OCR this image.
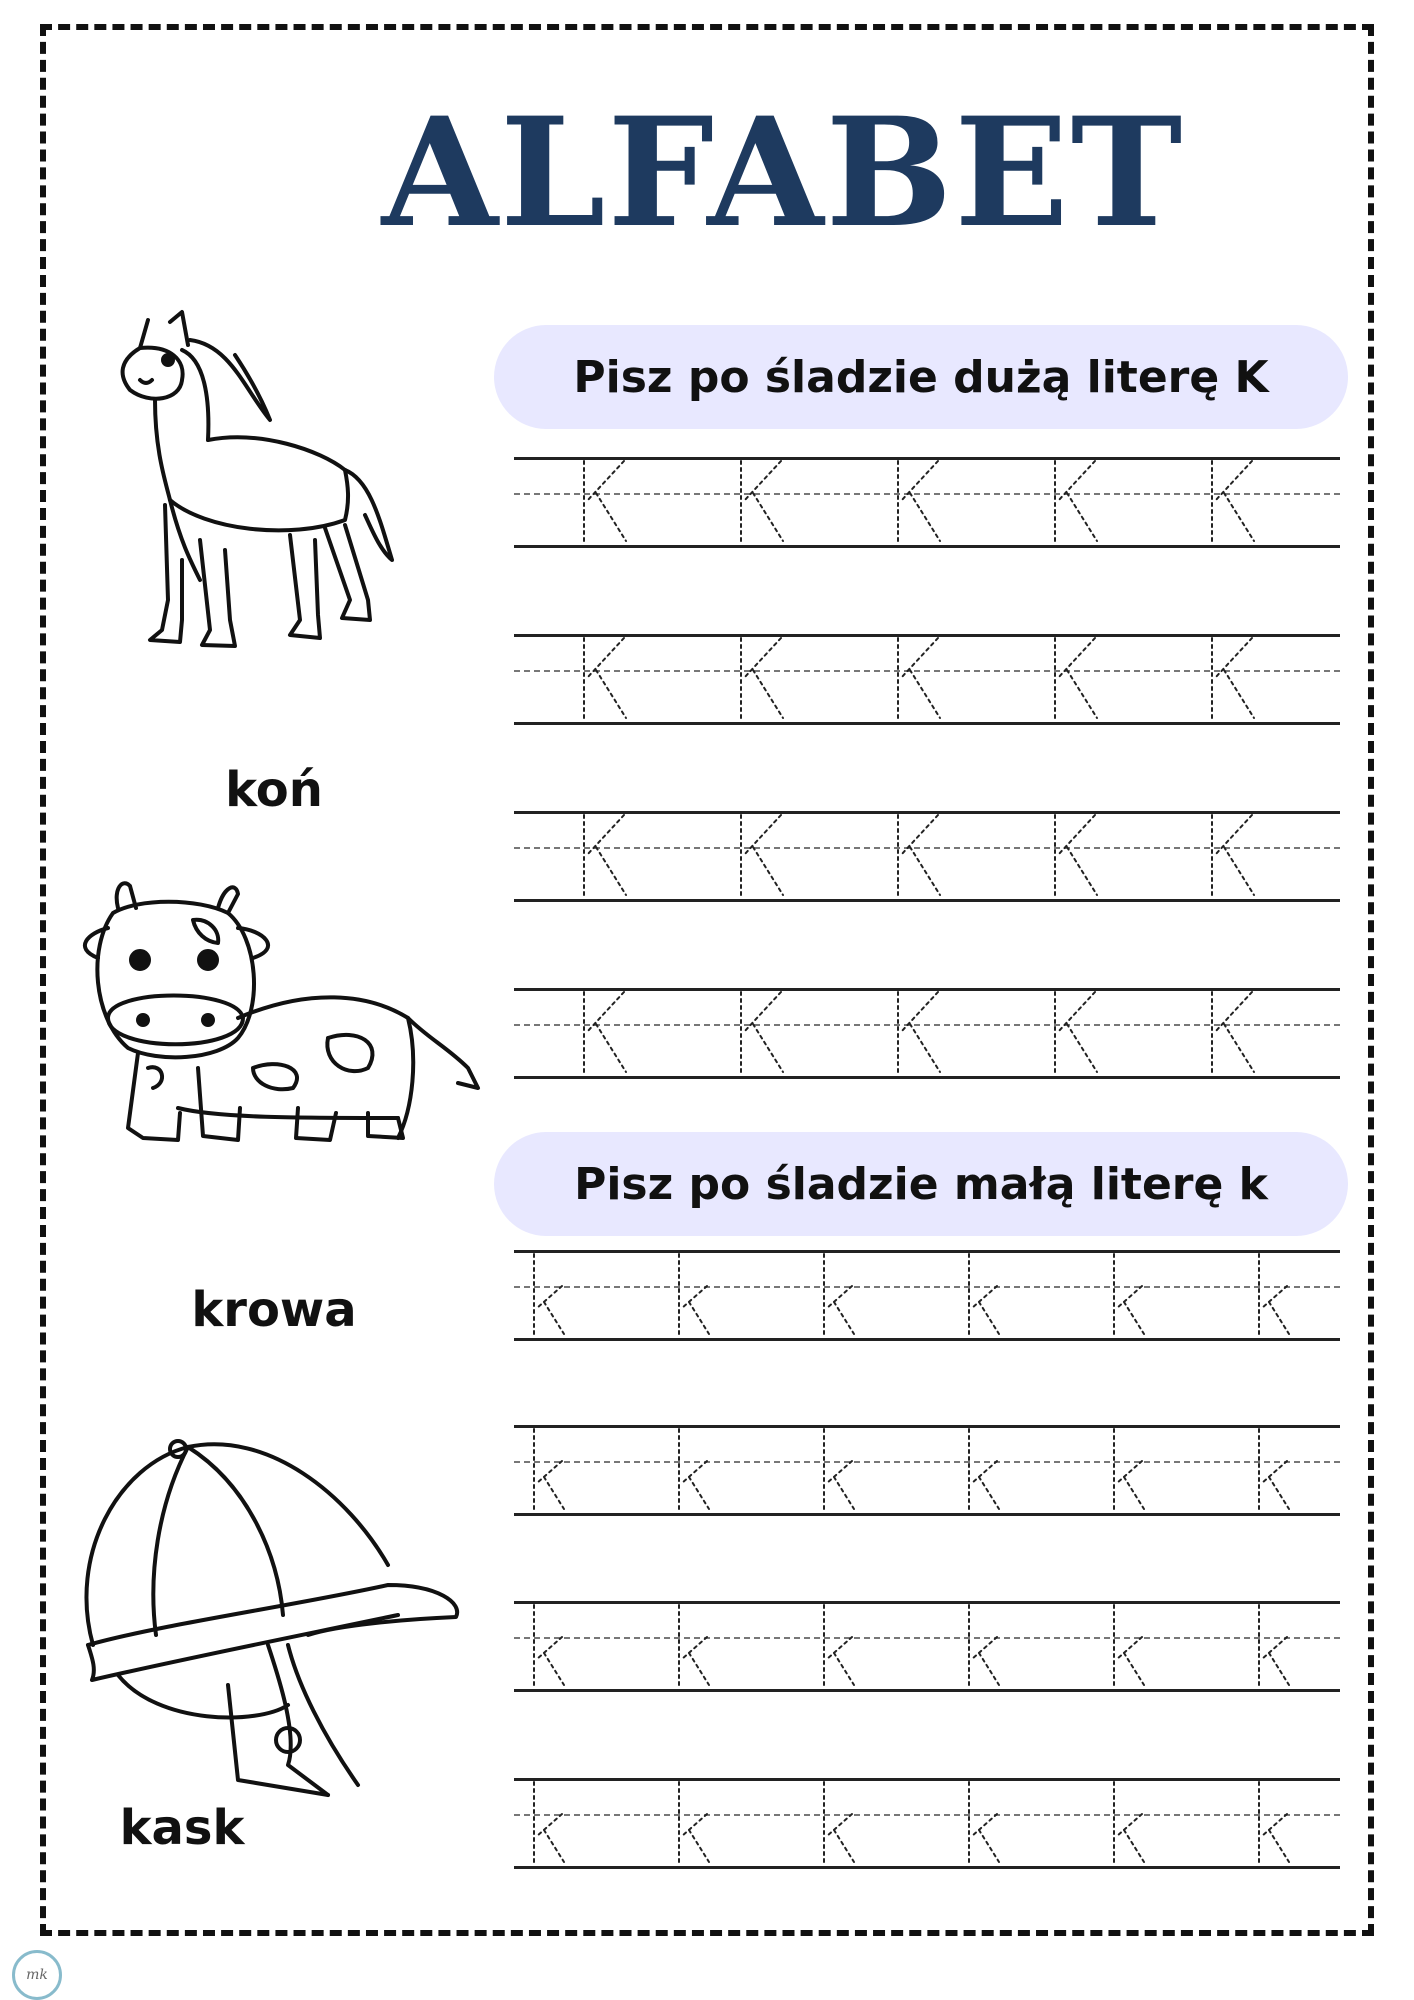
ALFABET
Pisz po śladzie dużą literę K
Pisz po śladzie małą literę k
koń
krowa
kask
mk
